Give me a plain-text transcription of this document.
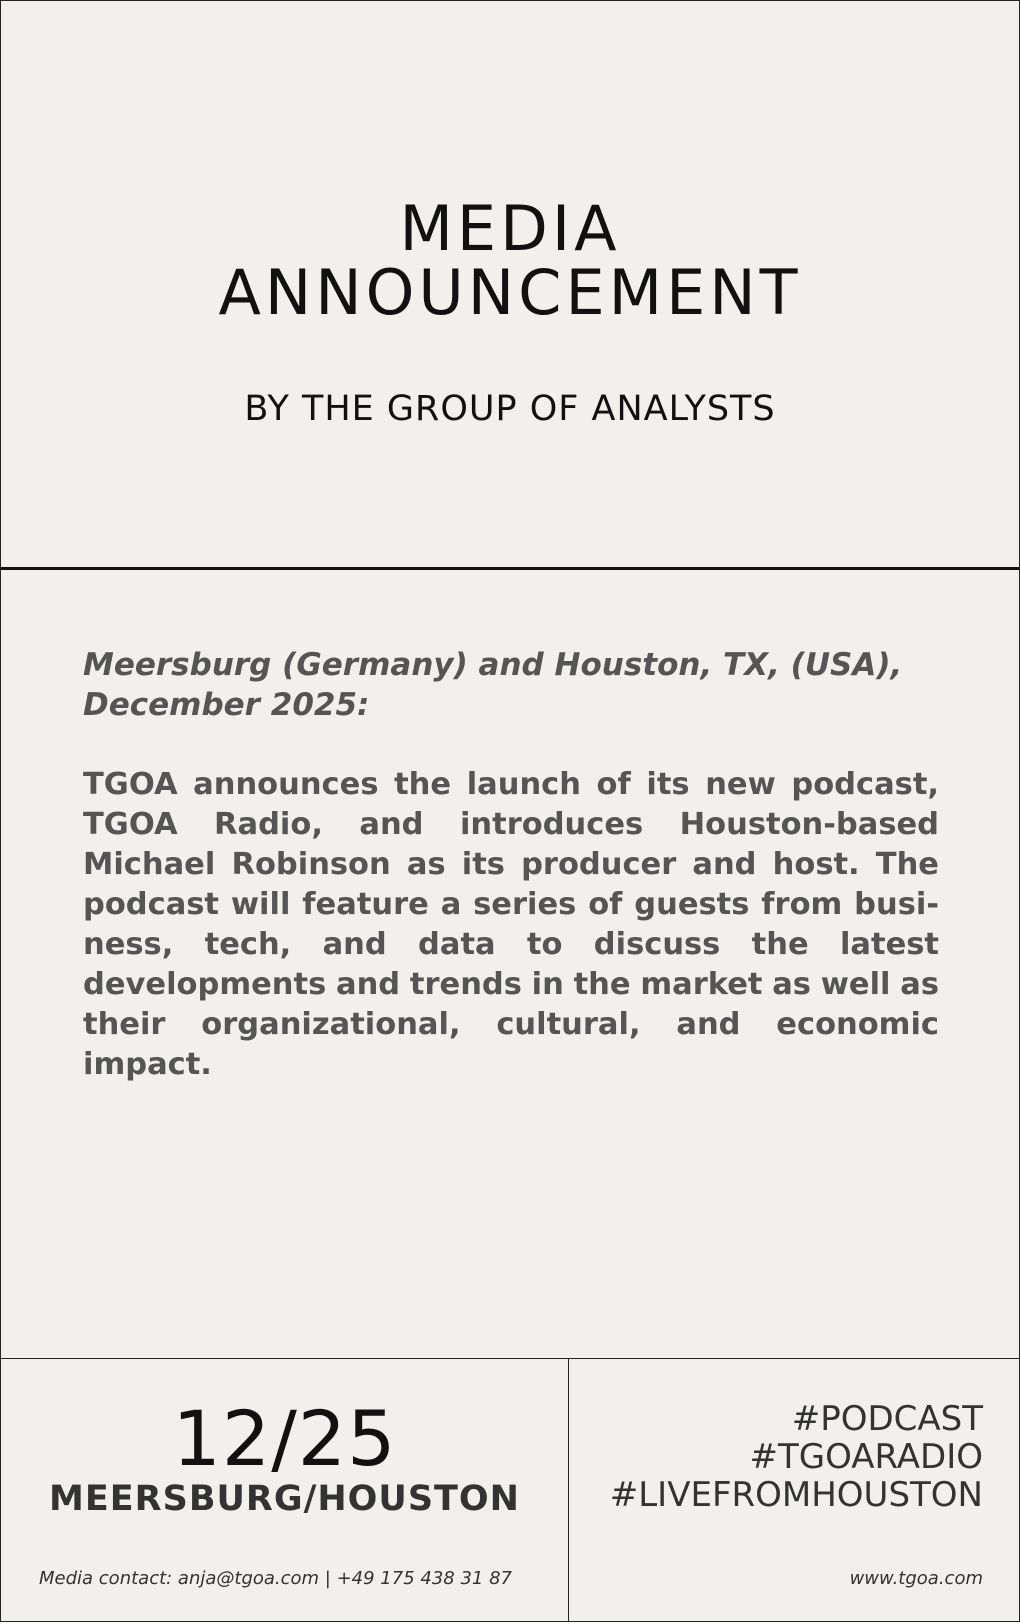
MEDIA
ANNOUNCEMENT
BY THE GROUP OF ANALYSTS
Meersburg (Germany) and Houston, TX, (USA), December 2025:
TGOA announces the launch of its new podcast, TGOA Radio, and introduces Houston-based Michael Robinson as its producer and host. The podcast will feature a series of guests from business, tech, and data to discuss the latest developments and trends in the market as well as their organizational, cultural, and economic impact.
12/25
MEERSBURG/HOUSTON
Media contact: anja@tgoa.com | +49 175 438 31 87
#PODCAST
#TGOARADIO
#LIVEFROMHOUSTON
www.tgoa.com
